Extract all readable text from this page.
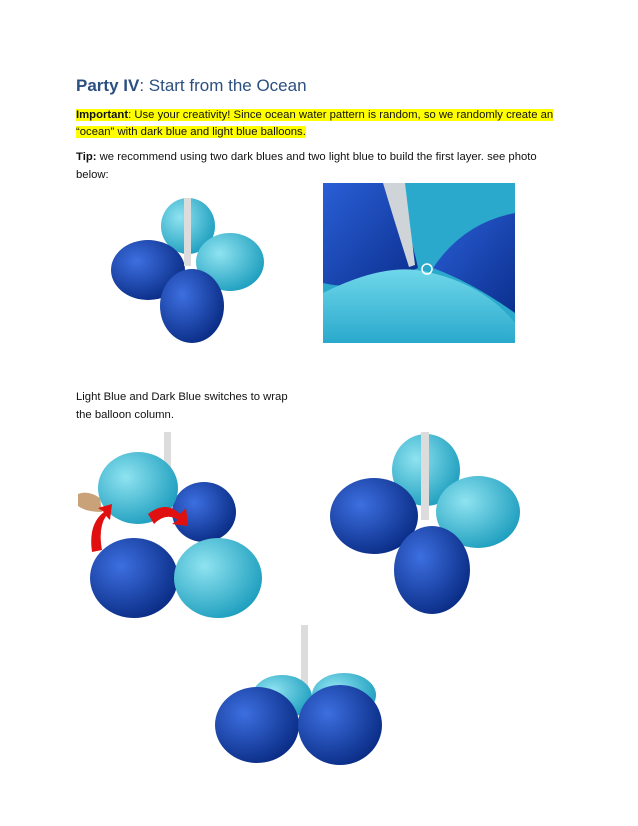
Party IV: Start from the Ocean
Important: Use your creativity! Since ocean water pattern is random, so we randomly create an “ocean” with dark blue and light blue balloons.
Tip: we recommend using two dark blues and two light blue to build the first layer. see photo below:
Light Blue and Dark Blue switches to wrap the balloon column.
